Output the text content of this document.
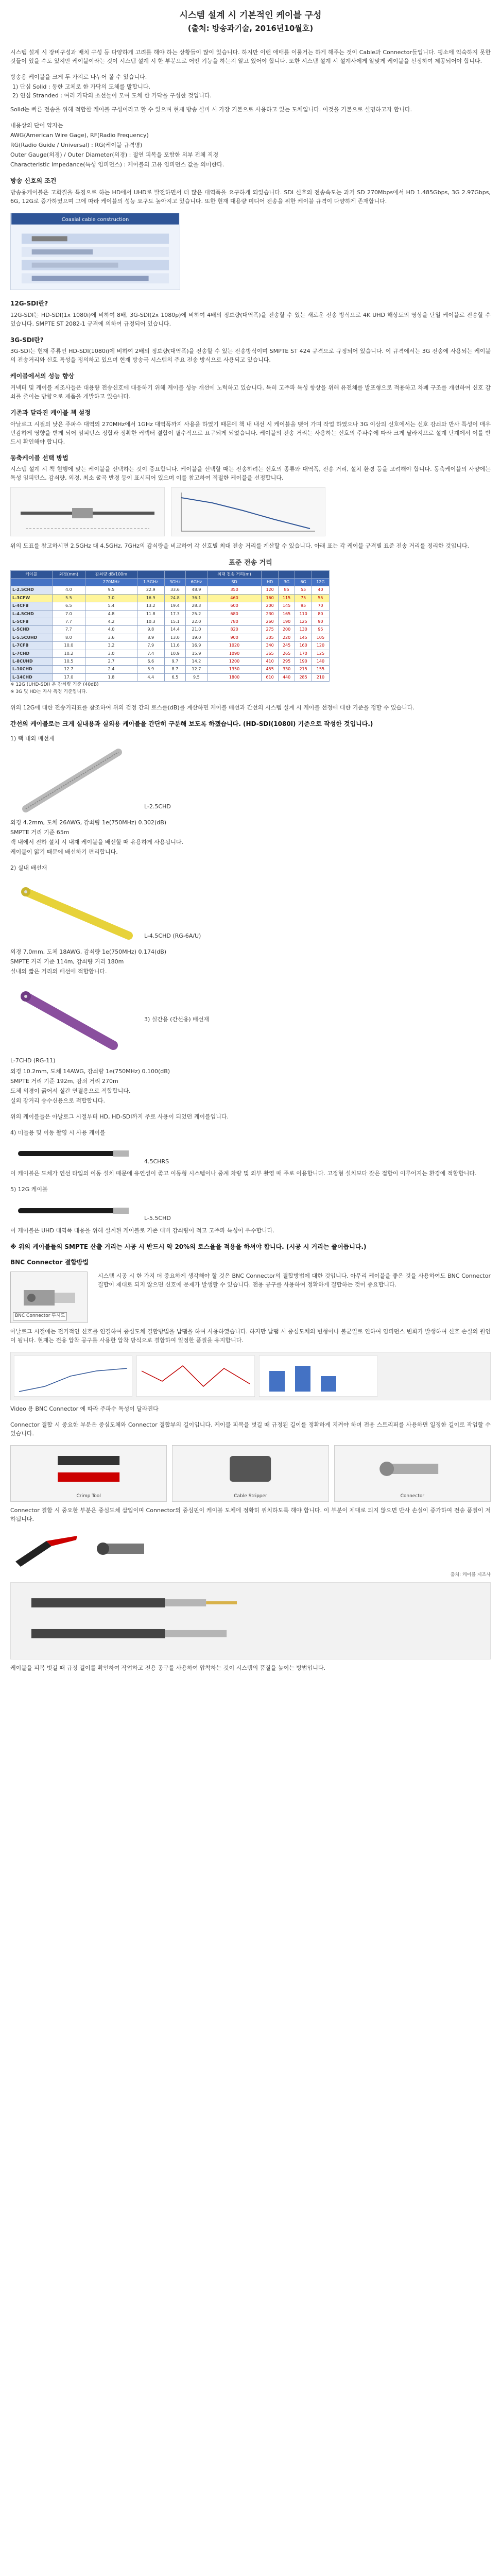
시스템 설계 시 기본적인 케이블 구성
(출처: 방송과기술, 2016년10월호)

시스템 설계 시 장비구성과 배치 구성 등 다양하게 고려를 해야 하는 상황들이 많이 있습니다. 하지만 이런 애매를 이룰거는 하게 해주는 것이 Cable과 Connector들입니다. 평소에 익숙하지 못한 것들이 있을 수도 있지만 케이블이라는 것이 시스템 설계 시 한 부분으로 어떤 기능을 하는지 알고 있어야 합니다. 또한 시스템 설계 시 설계사에게 알맞게 케이블을 선정하여 제공되어야 합니다.

방송용 케이블을 크게 두 가지로 나누어 볼 수 있습니다.

1) 단심 Solid : 동한 고체로 한 가닥의 도체를 말합니다.
2) 연심 Stranded : 여러 가닥의 소선들이 모여 도체 한 가닥을 구성한 것입니다.

Solid는 빠른 전송을 위해 적합한 케이블 구성이라고 할 수 있으며 현재 방송 설비 시 가장 기본으로 사용하고 있는 도체입니다. 이것을 기본으로 설명하고자 합니다.

내용상의 단어 약자는

AWG(American Wire Gage), RF(Radio Frequency)

RG(Radio Guide / Universal) : RG(케이블 규격명)

Outer Gauge(외경) / Outer Diameter(외경) : 절연 피복을 포함한 외부 전체 직경

Characteristic Impedance(특성 임피던스) : 케이블의 고유 임피던스 값을 의미한다.

방송 신호의 조건

방송용케이블은 고화질을 특징으로 하는 HD에서 UHD로 발전하면서 더 많은 대역폭을 요구하게 되었습니다. SDI 신호의 전송속도는 과거 SD 270Mbps에서 HD 1.485Gbps, 3G 2.97Gbps, 6G, 12G로 증가하였으며 그에 따라 케이블의 성능 요구도 높아지고 있습니다. 또한 현재 대용량 미디어 전송을 위한 케이블 규격이 다양하게 존재합니다.

Coaxial cable construction
12G-SDI란?

12G-SDI는 HD-SDI(1x 1080i)에 비하여 8배, 3G-SDI(2x 1080p)에 비하여 4배의 정보량(대역폭)을 전송할 수 있는 새로운 전송 방식으로 4K UHD 해상도의 영상을 단일 케이블로 전송할 수 있습니다. SMPTE ST 2082-1 규격에 의하여 규정되어 있습니다.

3G-SDI란?

3G-SDI는 현재 주류인 HD-SDI(1080i)에 비하여 2배의 정보량(대역폭)을 전송할 수 있는 전송방식이며 SMPTE ST 424 규격으로 규정되어 있습니다. 이 규격에서는 3G 전송에 사용되는 케이블의 전송거리와 신호 특성을 정의하고 있으며 현재 방송국 시스템의 주요 전송 방식으로 사용되고 있습니다.

케이블에서의 성능 향상

커넥터 및 케이블 제조사들은 대용량 전송신호에 대응하기 위해 케이블 성능 개선에 노력하고 있습니다. 특히 고주파 특성 향상을 위해 유전체를 발포형으로 적용하고 차폐 구조를 개선하여 신호 감쇠를 줄이는 방향으로 제품을 개발하고 있습니다.

기존과 달라진 케이블 책 설정

아날로그 시절의 낮은 주파수 대역의 270MHz에서 1GHz 대역폭까지 사용을 하였기 때문에 책 내 내선 시 케이블을 맺어 가며 작업 하였으나 3G 이상의 신호에서는 신호 감쇠와 반사 특성이 매우 민감하게 영향을 받게 되어 임피던스 정합과 정확한 커넥터 결합이 필수적으로 요구되게 되었습니다. 케이블의 전송 거리는 사용하는 신호의 주파수에 따라 크게 달라지므로 설계 단계에서 이를 반드시 확인해야 합니다.

동축케이블 선택 방법

시스템 설계 시 책 현행에 맞는 케이블을 선택하는 것이 중요합니다. 케이블을 선택할 때는 전송하려는 신호의 종류와 대역폭, 전송 거리, 설치 환경 등을 고려해야 합니다. 동축케이블의 사양에는 특성 임피던스, 감쇠량, 외경, 최소 굴곡 반경 등이 표시되어 있으며 이를 참고하여 적절한 케이블을 선정합니다.

위의 도표를 참고하시면 2.5GHz 대 4.5GHz, 7GHz의 감쇠량을 비교하여 각 신호별 최대 전송 거리를 계산할 수 있습니다. 아래 표는 각 케이블 규격별 표준 전송 거리를 정리한 것입니다.

표준 전송 거리
케이블	외경(mm)	감쇠량 dB/100m				최대 전송 거리(m)				
		270MHz	1.5GHz	3GHz	6GHz	SD	HD	3G	6G	12G
L-2.5CHD	4.0	9.5	22.9	33.6	48.9	350	120	85	55	40
L-3CFW	5.5	7.0	16.9	24.8	36.1	460	160	115	75	55
L-4CFB	6.5	5.4	13.2	19.4	28.3	600	200	145	95	70
L-4.5CHD	7.0	4.8	11.8	17.3	25.2	680	230	165	110	80
L-5CFB	7.7	4.2	10.3	15.1	22.0	780	260	190	125	90
L-5CHD	7.7	4.0	9.8	14.4	21.0	820	275	200	130	95
L-5.5CUHD	8.0	3.6	8.9	13.0	19.0	900	305	220	145	105
L-7CFB	10.0	3.2	7.9	11.6	16.9	1020	340	245	160	120
L-7CHD	10.2	3.0	7.4	10.9	15.9	1090	365	265	170	125
L-8CUHD	10.5	2.7	6.6	9.7	14.2	1200	410	295	190	140
L-10CHD	12.7	2.4	5.9	8.7	12.7	1350	455	330	215	155
L-14CHD	17.0	1.8	4.4	6.5	9.5	1800	610	440	285	210
※ 12G (UHD-SDI) 은 감쇠량 기준 (40dB)
※ 3G 및 HD는 자사 측정 기준입니다.

위의 12G에 대한 전송거리표를 참조하여 위의 검정 간의 로스를(dB)를 계산하면 케이블 배선과 간선의 시스템 설계 시 케이블 선정에 대한 기준을 정할 수 있습니다.

간선의 케이블로는 크게 실내용과 실외용 케이블을 간단히 구분해 보도록 하겠습니다. (HD-SDI(1080i) 기준으로 작성한 것입니다.)

1) 랙 내외 배선재

L-2.5CHD

외경 4.2mm, 도체 26AWG, 감쇠량 1e(750MHz) 0.302(dB)

SMPTE 거리 기준 65m

랙 내에서 전하 설치 시 내재 케이블을 배선할 때 유용하게 사용됩니다.

케이블이 얇기 때문에 배선하기 편리합니다.

2) 실내 배선재

L-4.5CHD (RG-6A/U)

외경 7.0mm, 도체 18AWG, 감쇠량 1e(750MHz) 0.174(dB)

SMPTE 거리 기준 114m, 감쇠량 거리 180m

실내의 짧은 거리의 배선에 적합합니다.

3) 실간용 (간선용) 배선재
L-7CHD (RG-11)

외경 10.2mm, 도체 14AWG, 감쇠량 1e(750MHz) 0.100(dB)

SMPTE 거리 기준 192m, 감쇠 거리 270m

도체 외경이 굵어서 실간 연결용으로 적합합니다.

실외 장거리 송수신용으로 적합합니다.

위의 케이블들은 아날로그 시절부터 HD, HD-SDI까지 주로 사용이 되었던 케이블입니다.

4) 미들용 및 이동 촬영 시 사용 케이블

4.5CHRS

이 케이블은 도체가 연선 타입의 이동 설치 때문에 유연성이 좋고 이동형 시스템이나 중계 차량 및 외부 촬영 때 주로 이용합니다. 고정형 설치보다 잦은 접합이 이루어지는 환경에 적합합니다.

5) 12G 케이블

L-5.5CHD

이 케이블은 UHD 대역폭 대응을 위해 설계된 케이블로 기존 대비 감쇠량이 적고 고주파 특성이 우수합니다.

※ 위의 케이블들의 SMPTE 산출 거리는 시공 시 반드시 약 20%의 로스율을 적용을 하셔야 합니다. (시공 시 거리는 줄어듭니다.)

BNC Connector 결합방법
BNC Connector 투시도

시스템 시공 시 한 가지 더 중요하게 생각해야 할 것은 BNC Connector의 결합방법에 대한 것입니다. 아무리 케이블을 좋은 것을 사용하여도 BNC Connector 결합이 제대로 되지 않으면 신호에 문제가 발생할 수 있습니다. 전용 공구를 사용하여 정확하게 결합하는 것이 중요합니다.

아날로그 시절에는 전기적인 신호를 연결하여 중심도체 결합방법을 납땜을 하여 사용하였습니다. 하지만 납땜 시 중심도체의 변형이나 불균일로 인하여 임피던스 변화가 발생하여 신호 손실의 원인이 됩니다. 현재는 전용 압착 공구를 사용한 압착 방식으로 결합하여 일정한 품질을 유지합니다.

Video 용 BNC Connector 에 따라 주파수 특성이 달라진다

Connector 결합 시 중요한 부분은 중심도체와 Connector 결합부의 길이입니다. 케이블 피복을 벗길 때 규정된 길이를 정확하게 지켜야 하며 전용 스트리퍼를 사용하면 일정한 길이로 작업할 수 있습니다.

Crimp Tool	Cable Stripper	Connector

Connector 결합 시 중요한 부분은 중심도체 삽입이며 Connector의 중심핀이 케이블 도체에 정확히 위치하도록 해야 합니다. 이 부분이 제대로 되지 않으면 반사 손실이 증가하여 전송 품질이 저하됩니다.

출처: 케이블 제조사

케이블을 피복 벗길 때 규정 길이를 확인하여 작업하고 전용 공구를 사용하여 압착하는 것이 시스템의 품질을 높이는 방법입니다.
